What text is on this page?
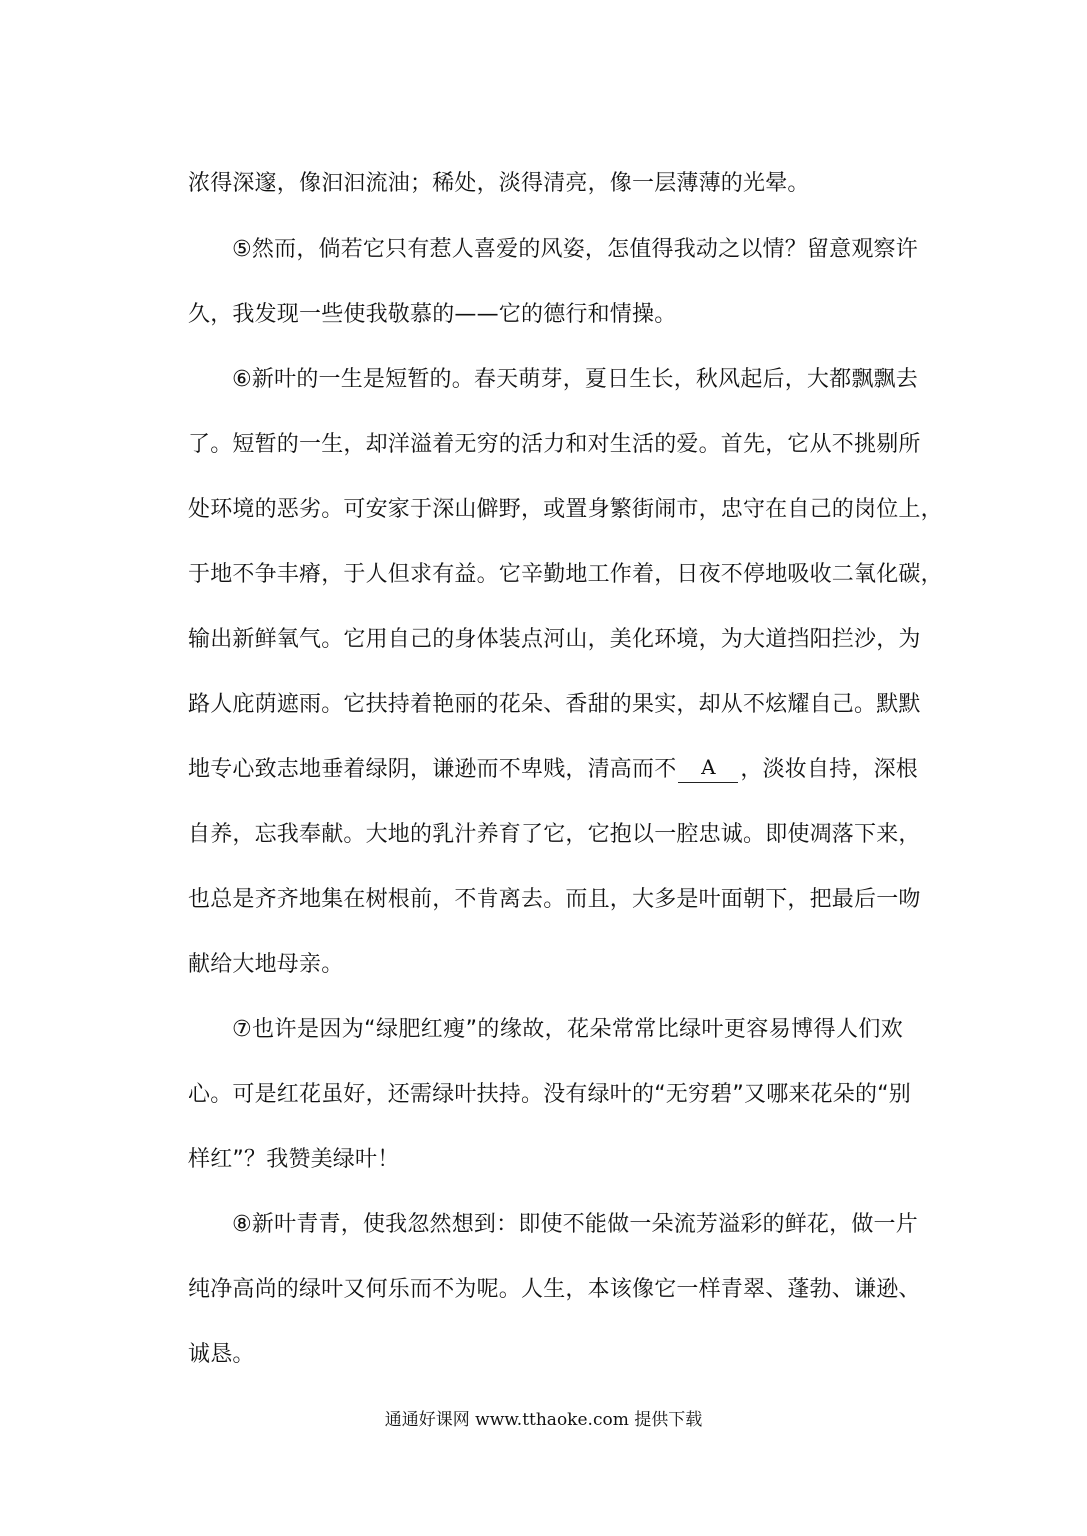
浓得深邃，像汩汩流油；稀处，淡得清亮，像一层薄薄的光晕。
⑤然而，倘若它只有惹人喜爱的风姿，怎值得我动之以情？留意观察许
久，我发现一些使我敬慕的——它的德行和情操。
⑥新叶的一生是短暂的。春天萌芽，夏日生长，秋风起后，大都飘飘去
了。短暂的一生，却洋溢着无穷的活力和对生活的爱。首先，它从不挑剔所
处环境的恶劣。可安家于深山僻野，或置身繁街闹市，忠守在自己的岗位上，
于地不争丰瘠，于人但求有益。它辛勤地工作着，日夜不停地吸收二氧化碳，
输出新鲜氧气。它用自己的身体装点河山，美化环境，为大道挡阳拦沙，为
路人庇荫遮雨。它扶持着艳丽的花朵、香甜的果实，却从不炫耀自己。默默
地专心致志地垂着绿阴，谦逊而不卑贱，清高而不 A ，淡妆自持，深根
自养，忘我奉献。大地的乳汁养育了它，它抱以一腔忠诚。即使凋落下来，
也总是齐齐地集在树根前，不肯离去。而且，大多是叶面朝下，把最后一吻
献给大地母亲。
⑦也许是因为“绿肥红瘦”的缘故，花朵常常比绿叶更容易博得人们欢
心。可是红花虽好，还需绿叶扶持。没有绿叶的“无穷碧”又哪来花朵的“别
样红”？我赞美绿叶！
⑧新叶青青，使我忽然想到：即使不能做一朵流芳溢彩的鲜花，做一片
纯净高尚的绿叶又何乐而不为呢。人生，本该像它一样青翠、蓬勃、谦逊、
诚恳。
通通好课网 www.tthaoke.com 提供下载
